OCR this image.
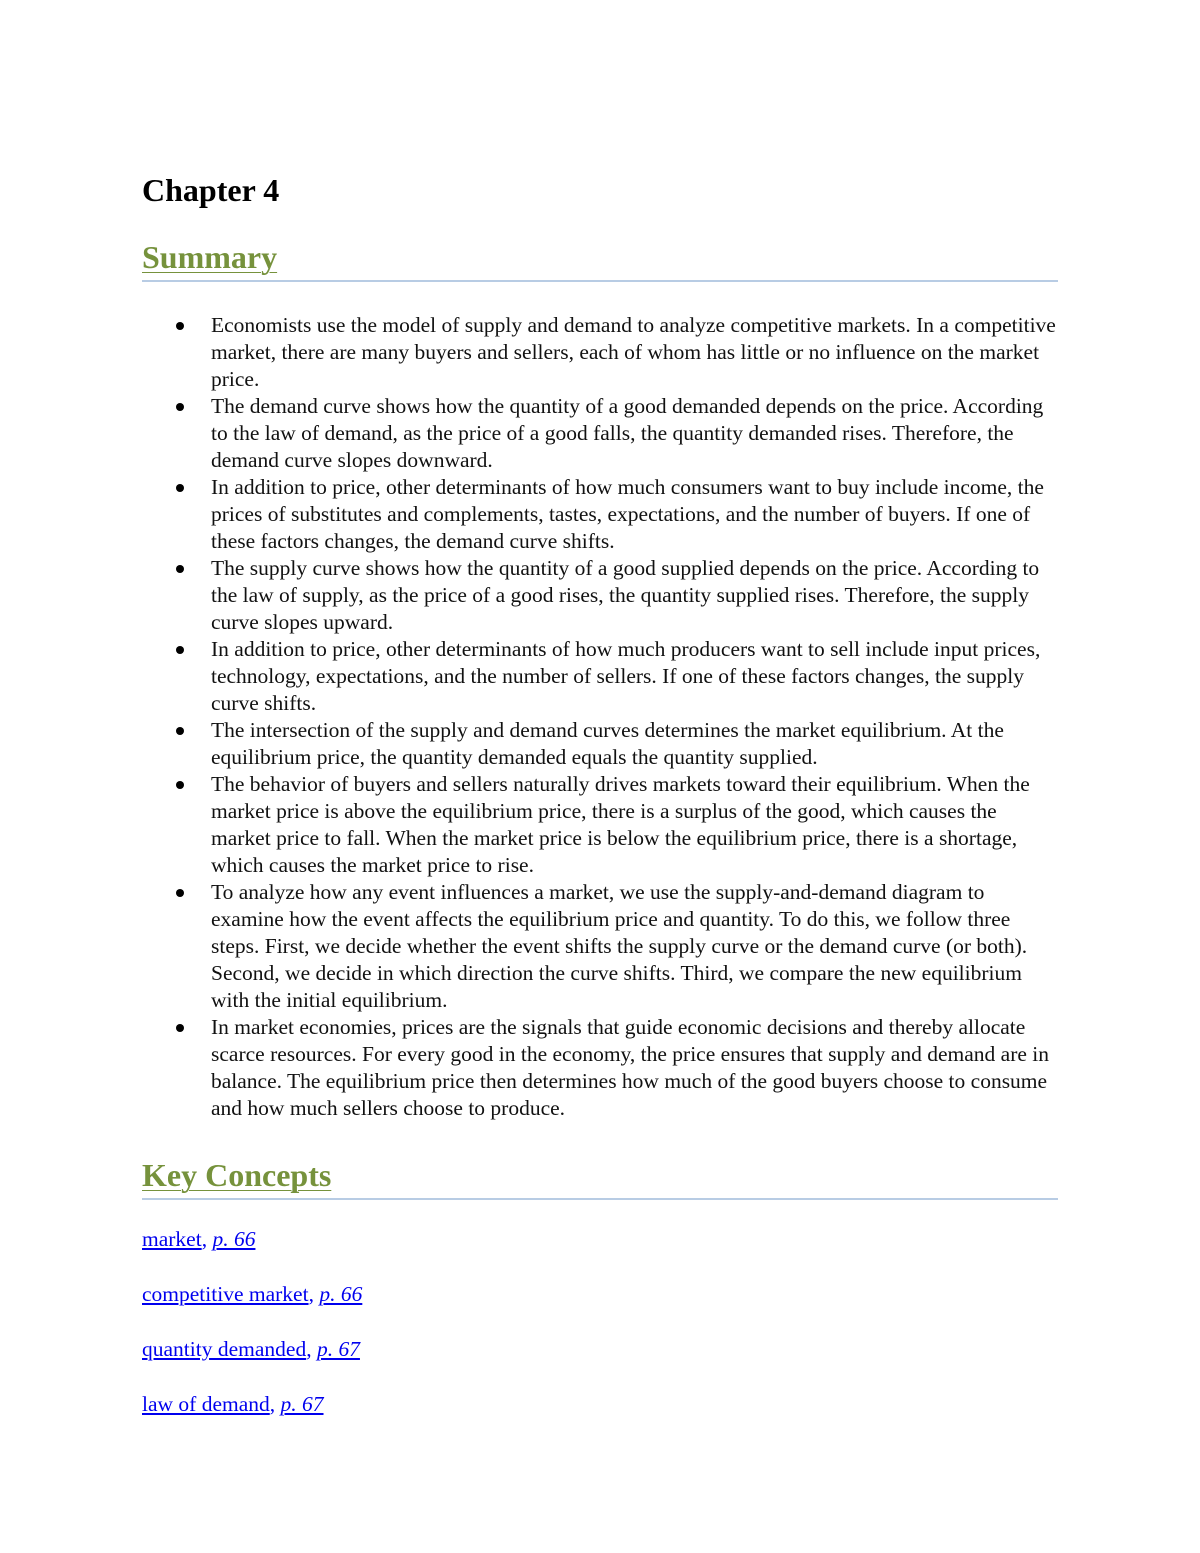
Chapter 4
Summary
Economists use the model of supply and demand to analyze competitive markets. In a competitive market, there are many buyers and sellers, each of whom has little or no influence on the market price.
The demand curve shows how the quantity of a good demanded depends on the price. According to the law of demand, as the price of a good falls, the quantity demanded rises. Therefore, the demand curve slopes downward.
In addition to price, other determinants of how much consumers want to buy include income, the prices of substitutes and complements, tastes, expectations, and the number of buyers. If one of these factors changes, the demand curve shifts.
The supply curve shows how the quantity of a good supplied depends on the price. According to the law of supply, as the price of a good rises, the quantity supplied rises. Therefore, the supply curve slopes upward.
In addition to price, other determinants of how much producers want to sell include input prices, technology, expectations, and the number of sellers. If one of these factors changes, the supply curve shifts.
The intersection of the supply and demand curves determines the market equilibrium. At the equilibrium price, the quantity demanded equals the quantity supplied.
The behavior of buyers and sellers naturally drives markets toward their equilibrium. When the market price is above the equilibrium price, there is a surplus of the good, which causes the market price to fall. When the market price is below the equilibrium price, there is a shortage, which causes the market price to rise.
To analyze how any event influences a market, we use the supply-and-demand diagram to examine how the event affects the equilibrium price and quantity. To do this, we follow three steps. First, we decide whether the event shifts the supply curve or the demand curve (or both). Second, we decide in which direction the curve shifts. Third, we compare the new equilibrium with the initial equilibrium.
In market economies, prices are the signals that guide economic decisions and thereby allocate scarce resources. For every good in the economy, the price ensures that supply and demand are in balance. The equilibrium price then determines how much of the good buyers choose to consume and how much sellers choose to produce.
Key Concepts

market, p. 66

competitive market, p. 66

quantity demanded, p. 67

law of demand, p. 67
